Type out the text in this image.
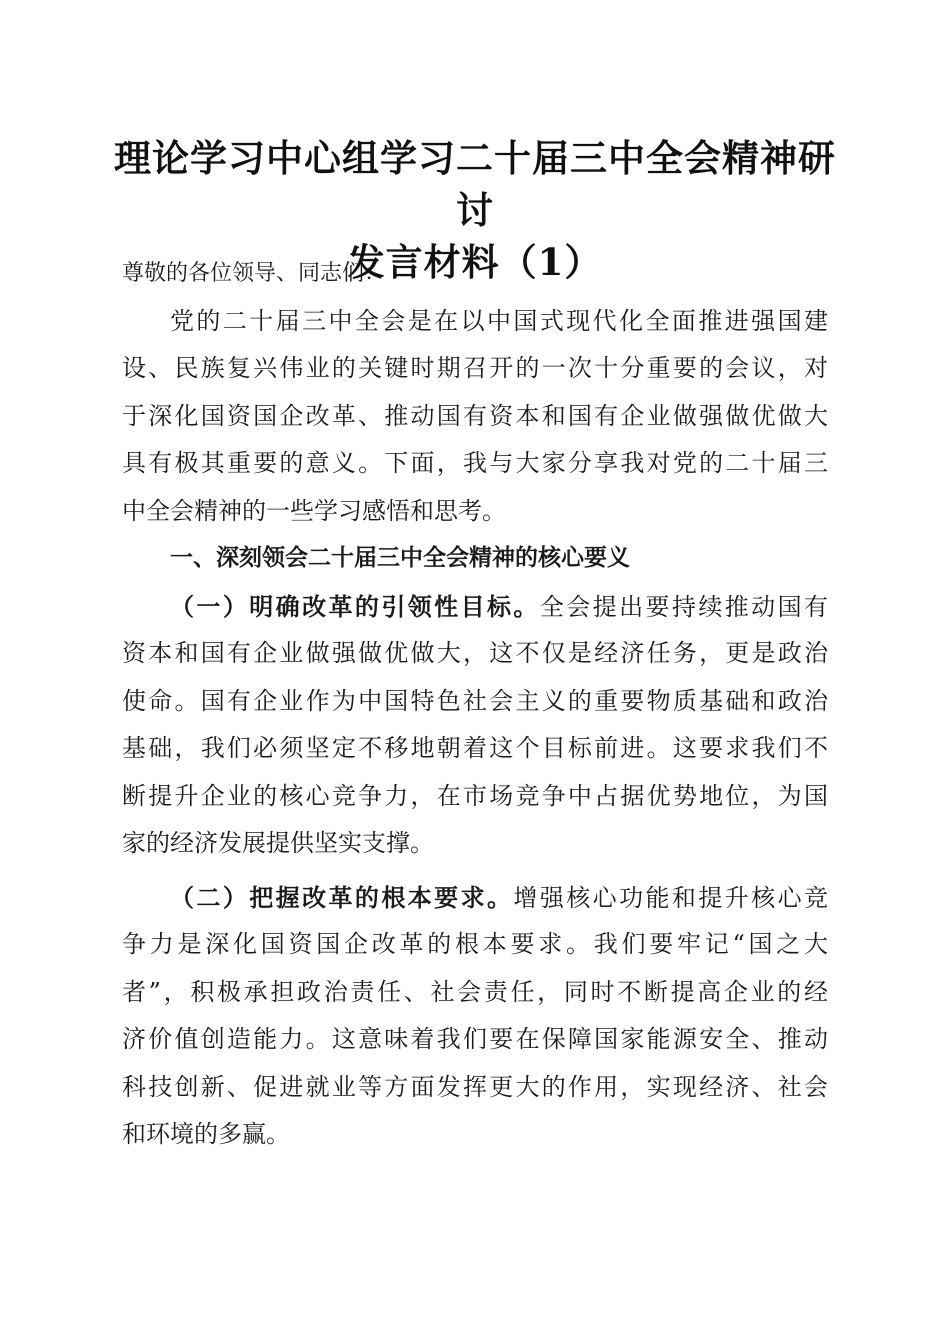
理论学习中心组学习二十届三中全会精神研讨
发言材料（1）
尊敬的各位领导、同志们：
党的二十届三中全会是在以中国式现代化全面推进强国建
设、民族复兴伟业的关键时期召开的一次十分重要的会议，对
于深化国资国企改革、推动国有资本和国有企业做强做优做大
具有极其重要的意义。下面，我与大家分享我对党的二十届三
中全会精神的一些学习感悟和思考。
一、深刻领会二十届三中全会精神的核心要义
（一）明确改革的引领性目标。全会提出要持续推动国有
资本和国有企业做强做优做大，这不仅是经济任务，更是政治
使命。国有企业作为中国特色社会主义的重要物质基础和政治
基础，我们必须坚定不移地朝着这个目标前进。这要求我们不
断提升企业的核心竞争力，在市场竞争中占据优势地位，为国
家的经济发展提供坚实支撑。
（二）把握改革的根本要求。增强核心功能和提升核心竞
争力是深化国资国企改革的根本要求。我们要牢记“国之大
者”，积极承担政治责任、社会责任，同时不断提高企业的经
济价值创造能力。这意味着我们要在保障国家能源安全、推动
科技创新、促进就业等方面发挥更大的作用，实现经济、社会
和环境的多赢。
